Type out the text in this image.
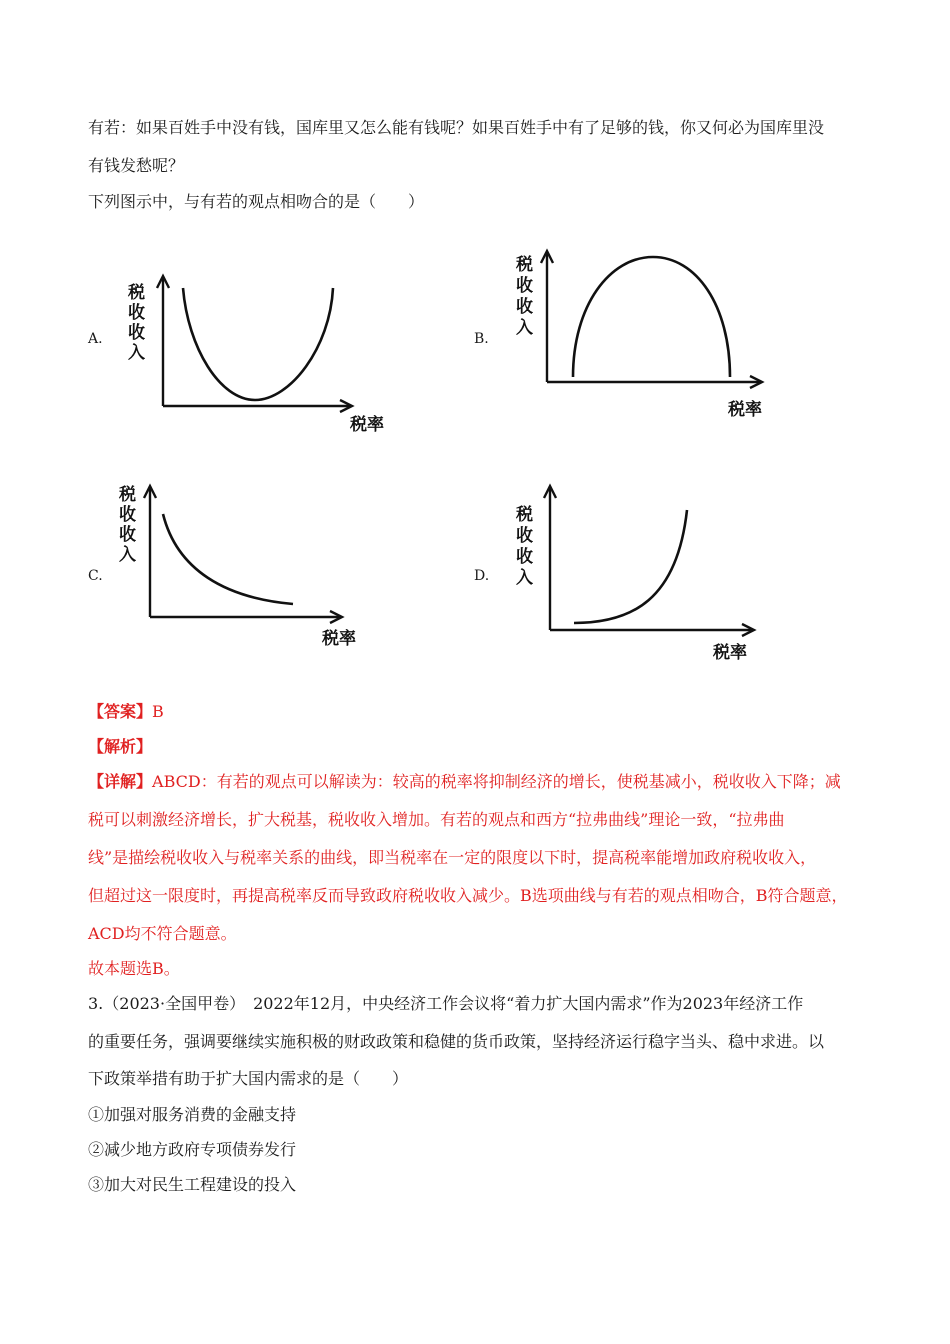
有若：如果百姓手中没有钱，国库里又怎么能有钱呢？如果百姓手中有了足够的钱，你又何必为国库里没
有钱发愁呢？
下列图示中，与有若的观点相吻合的是（　　）
A.	B.
C.	D.
税
收
收
入
税率
税
收
收
入
税率
税
收
收
入
税率
税
收
收
入
税率
【答案】B
【解析】
【详解】ABCD：有若的观点可以解读为：较高的税率将抑制经济的增长，使税基减小，税收收入下降；减
税可以刺激经济增长，扩大税基，税收收入增加。有若的观点和西方“拉弗曲线”理论一致，“拉弗曲
线”是描绘税收收入与税率关系的曲线，即当税率在一定的限度以下时，提高税率能增加政府税收收入，
但超过这一限度时，再提高税率反而导致政府税收收入减少。B选项曲线与有若的观点相吻合，B符合题意，
ACD均不符合题意。
故本题选B。
3.（2023·全国甲卷）　2022年12月，中央经济工作会议将“着力扩大国内需求”作为2023年经济工作
的重要任务，强调要继续实施积极的财政政策和稳健的货币政策，坚持经济运行稳字当头、稳中求进。以
下政策举措有助于扩大国内需求的是（　　）
①加强对服务消费的金融支持
②减少地方政府专项债券发行
③加大对民生工程建设的投入
